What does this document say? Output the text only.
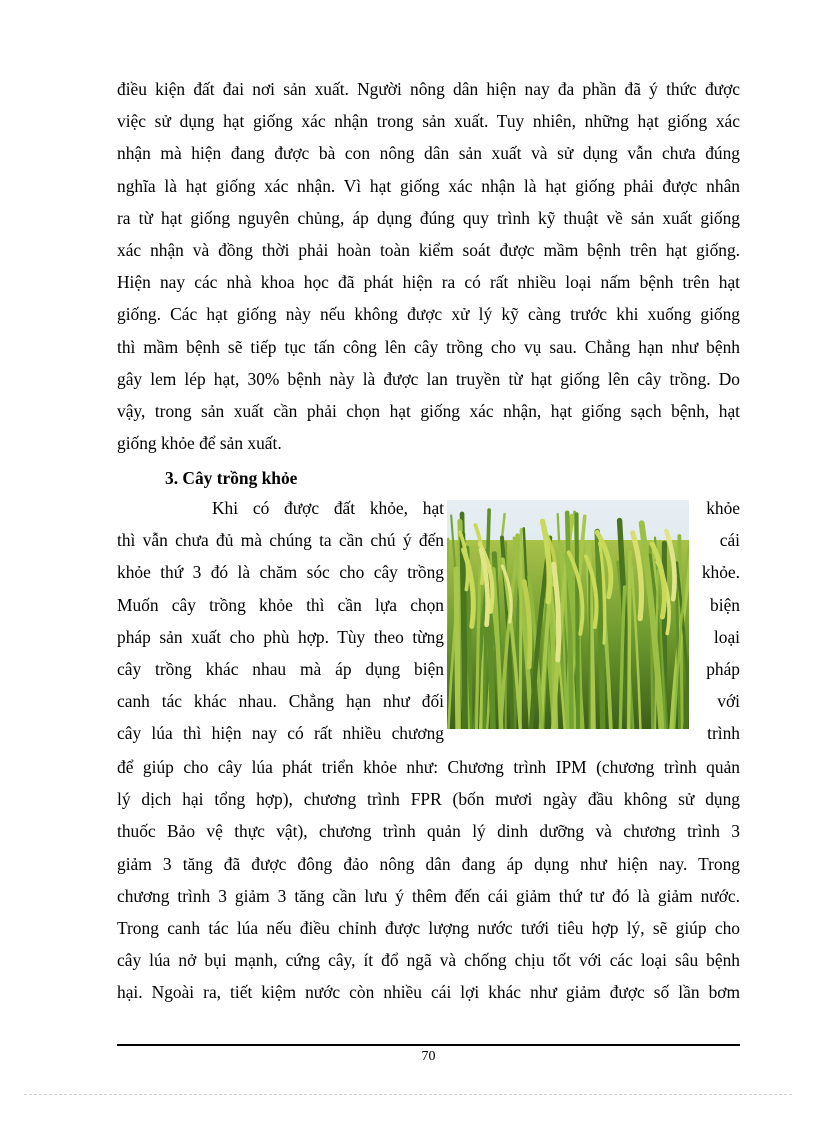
điều kiện đất đai nơi sản xuất. Người nông dân hiện nay đa phần đã ý thức được
việc sử dụng hạt giống xác nhận trong sản xuất. Tuy nhiên, những hạt giống xác
nhận mà hiện đang được bà con nông dân sản xuất và sử dụng vẫn chưa đúng
nghĩa là hạt giống xác nhận. Vì hạt giống xác nhận là hạt giống phải được nhân
ra từ hạt giống nguyên chủng, áp dụng đúng quy trình kỹ thuật về sản xuất giống
xác nhận và đồng thời phải hoàn toàn kiểm soát được mầm bệnh trên hạt giống.
Hiện nay các nhà khoa học đã phát hiện ra có rất nhiều loại nấm bệnh trên hạt
giống. Các hạt giống này nếu không được xử lý kỹ càng trước khi xuống giống
thì mầm bệnh sẽ tiếp tục tấn công lên cây trồng cho vụ sau. Chẳng hạn như bệnh
gây lem lép hạt, 30% bệnh này là được lan truyền từ hạt giống lên cây trồng. Do
vậy, trong sản xuất cần phải chọn hạt giống xác nhận, hạt giống sạch bệnh, hạt
giống khỏe để sản xuất.
3. Cây trồng khỏe
Khi có được đất khỏe, hạt	khỏe
thì vẫn chưa đủ mà chúng ta cần chú ý đến	cái
khỏe thứ 3 đó là chăm sóc cho cây trồng	khỏe.
Muốn cây trồng khỏe thì cần lựa chọn	biện
pháp sản xuất cho phù hợp. Tùy theo từng	loại
cây trồng khác nhau mà áp dụng biện	pháp
canh tác khác nhau. Chẳng hạn như đối	với
cây lúa thì hiện nay có rất nhiều chương	trình
để giúp cho cây lúa phát triển khỏe như: Chương trình IPM (chương trình quản
lý dịch hại tổng hợp), chương trình FPR (bốn mươi ngày đầu không sử dụng
thuốc Bảo vệ thực vật), chương trình quản lý dinh dưỡng và chương trình 3
giảm 3 tăng đã được đông đảo nông dân đang áp dụng như hiện nay. Trong
chương trình 3 giảm 3 tăng cần lưu ý thêm đến cái giảm thứ tư đó là giảm nước.
Trong canh tác lúa nếu điều chỉnh được lượng nước tưới tiêu hợp lý, sẽ giúp cho
cây lúa nở bụi mạnh, cứng cây, ít đổ ngã và chống chịu tốt với các loại sâu bệnh
hại. Ngoài ra, tiết kiệm nước còn nhiều cái lợi khác như giảm được số lần bơm
70
